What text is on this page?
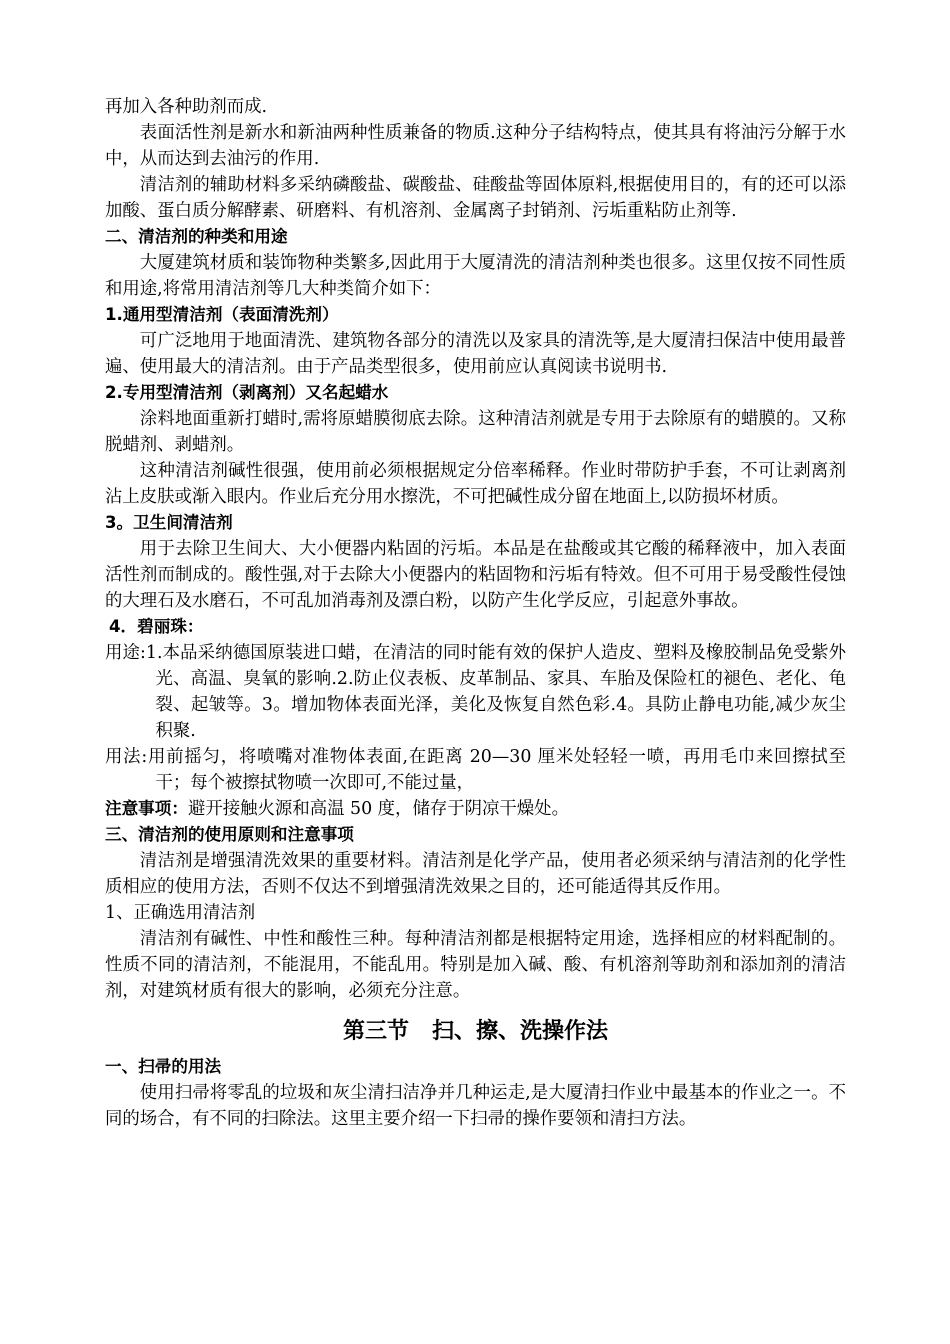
再加入各种助剂而成.

表面活性剂是新水和新油两种性质兼备的物质.这种分子结构特点，使其具有将油污分解于水中，从而达到去油污的作用.

清洁剂的辅助材料多采纳磷酸盐、碳酸盐、硅酸盐等固体原料,根据使用目的，有的还可以添加酸、蛋白质分解酵素、研磨料、有机溶剂、金属离子封销剂、污垢重粘防止剂等.

二、清洁剂的种类和用途

大厦建筑材质和装饰物种类繁多,因此用于大厦清洗的清洁剂种类也很多。这里仅按不同性质和用途,将常用清洁剂等几大种类简介如下：

1.通用型清洁剂（表面清洗剂）

可广泛地用于地面清洗、建筑物各部分的清洗以及家具的清洗等,是大厦清扫保洁中使用最普遍、使用最大的清洁剂。由于产品类型很多，使用前应认真阅读书说明书.

2.专用型清洁剂（剥离剂）又名起蜡水

涂料地面重新打蜡时,需将原蜡膜彻底去除。这种清洁剂就是专用于去除原有的蜡膜的。又称脱蜡剂、剥蜡剂。

这种清洁剂碱性很强，使用前必须根据规定分倍率稀释。作业时带防护手套，不可让剥离剂沾上皮肤或渐入眼内。作业后充分用水擦洗，不可把碱性成分留在地面上,以防损坏材质。

3。卫生间清洁剂

用于去除卫生间大、大小便器内粘固的污垢。本品是在盐酸或其它酸的稀释液中，加入表面活性剂而制成的。酸性强,对于去除大小便器内的粘固物和污垢有特效。但不可用于易受酸性侵蚀的大理石及水磨石，不可乱加消毒剂及漂白粉，以防产生化学反应，引起意外事故。

4．碧丽珠：

用途:1.本品采纳德国原装进口蜡，在清洁的同时能有效的保护人造皮、塑料及橡胶制品免受紫外光、高温、臭氧的影响.2.防止仪表板、皮革制品、家具、车胎及保险杠的褪色、老化、龟裂、起皱等。3。增加物体表面光泽，美化及恢复自然色彩.4。具防止静电功能,减少灰尘积聚.

用法:用前摇匀，将喷嘴对准物体表面,在距离 20—30 厘米处轻轻一喷，再用毛巾来回擦拭至干；每个被擦拭物喷一次即可,不能过量，

注意事项：避开接触火源和高温 50 度，储存于阴凉干燥处。

三、清洁剂的使用原则和注意事项

清洁剂是增强清洗效果的重要材料。清洁剂是化学产品，使用者必须采纳与清洁剂的化学性质相应的使用方法，否则不仅达不到增强清洗效果之目的，还可能适得其反作用。

1、正确选用清洁剂

清洁剂有碱性、中性和酸性三种。每种清洁剂都是根据特定用途，选择相应的材料配制的。性质不同的清洁剂，不能混用，不能乱用。特别是加入碱、酸、有机溶剂等助剂和添加剂的清洁剂，对建筑材质有很大的影响，必须充分注意。

第三节   扫、擦、洗操作法

一、扫帚的用法

使用扫帚将零乱的垃圾和灰尘清扫洁净并几种运走,是大厦清扫作业中最基本的作业之一。不同的场合，有不同的扫除法。这里主要介绍一下扫帚的操作要领和清扫方法。
